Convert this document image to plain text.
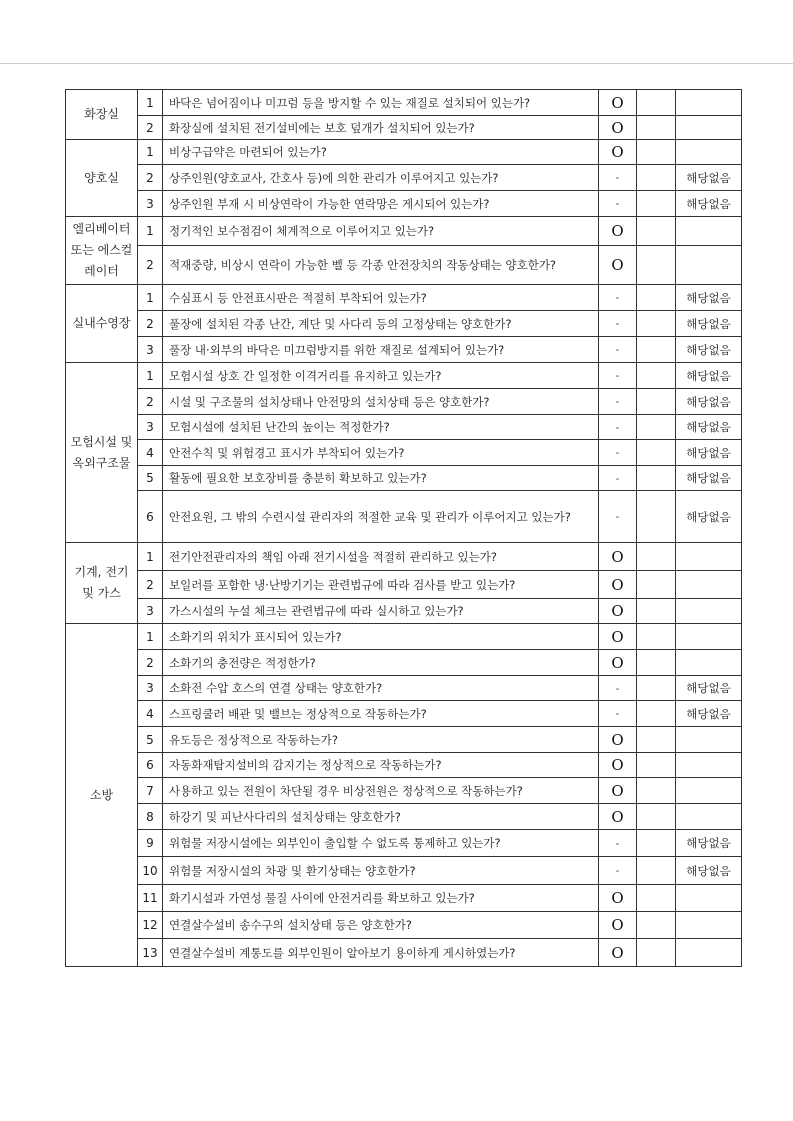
화장실	1	바닥은 넘어짐이나 미끄럼 등을 방지할 수 있는 재질로 설치되어 있는가?	O		
	2	화장실에 설치된 전기설비에는 보호 덮개가 설치되어 있는가?	O		
양호실	1	비상구급약은 마련되어 있는가?	O		
	2	상주인원(양호교사, 간호사 등)에 의한 관리가 이루어지고 있는가?	-		해당없음
	3	상주인원 부재 시 비상연락이 가능한 연락망은 게시되어 있는가?	-		해당없음
엘리베이터 또는 에스컬레이터	1	정기적인 보수점검이 체계적으로 이루어지고 있는가?	O		
	2	적재중량, 비상시 연락이 가능한 벨 등 각종 안전장치의 작동상태는 양호한가?	O		
실내수영장	1	수심표시 등 안전표시판은 적절히 부착되어 있는가?	-		해당없음
	2	풀장에 설치된 각종 난간, 계단 및 사다리 등의 고정상태는 양호한가?	-		해당없음
	3	풀장 내·외부의 바닥은 미끄럼방지를 위한 재질로 설계되어 있는가?	-		해당없음
모험시설 및 옥외구조물	1	모험시설 상호 간 일정한 이격거리를 유지하고 있는가?	-		해당없음
	2	시설 및 구조물의 설치상태나 안전망의 설치상태 등은 양호한가?	-		해당없음
	3	모험시설에 설치된 난간의 높이는 적정한가?	-		해당없음
	4	안전수칙 및 위험경고 표시가 부착되어 있는가?	-		해당없음
	5	활동에 필요한 보호장비를 충분히 확보하고 있는가?	-		해당없음
	6	안전요원, 그 밖의 수련시설 관리자의 적절한 교육 및 관리가 이루어지고 있는가?	-		해당없음
기계, 전기 및 가스	1	전기안전관리자의 책임 아래 전기시설을 적절히 관리하고 있는가?	O		
	2	보일러를 포함한 냉·난방기기는 관련법규에 따라 검사를 받고 있는가?	O		
	3	가스시설의 누설 체크는 관련법규에 따라 실시하고 있는가?	O		
소방	1	소화기의 위치가 표시되어 있는가?	O		
	2	소화기의 충전량은 적정한가?	O		
	3	소화전 수압 호스의 연결 상태는 양호한가?	-		해당없음
	4	스프링쿨러 배관 및 밸브는 정상적으로 작동하는가?	-		해당없음
	5	유도등은 정상적으로 작동하는가?	O		
	6	자동화재탐지설비의 감지기는 정상적으로 작동하는가?	O		
	7	사용하고 있는 전원이 차단될 경우 비상전원은 정상적으로 작동하는가?	O		
	8	하강기 및 피난사다리의 설치상태는 양호한가?	O		
	9	위험물 저장시설에는 외부인이 출입할 수 없도록 통제하고 있는가?	-		해당없음
	10	위험물 저장시설의 차광 및 환기상태는 양호한가?	-		해당없음
	11	화기시설과 가연성 물질 사이에 안전거리를 확보하고 있는가?	O		
	12	연결살수설비 송수구의 설치상태 등은 양호한가?	O		
	13	연결살수설비 계통도를 외부인원이 알아보기 용이하게 게시하였는가?	O		
